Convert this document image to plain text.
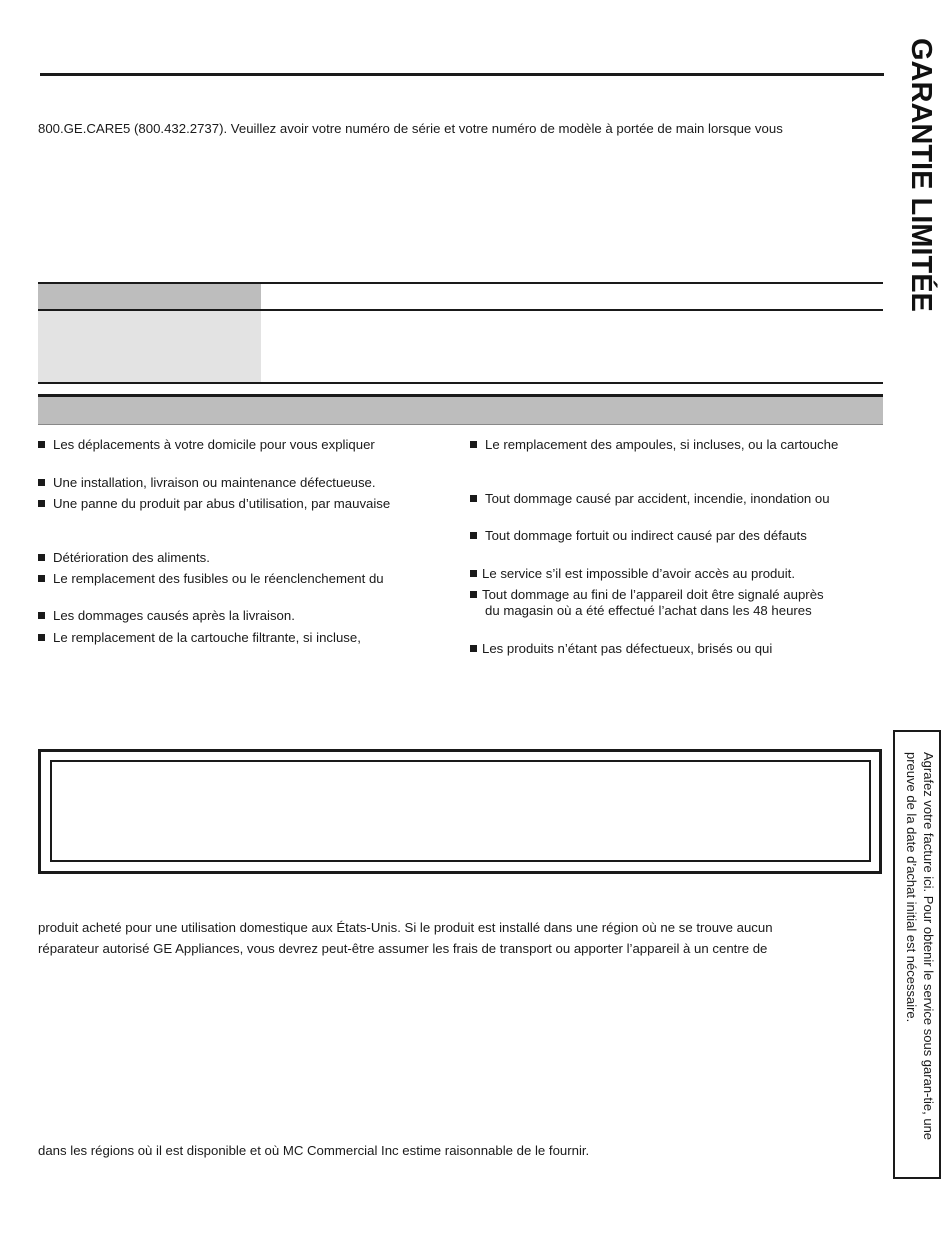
800.GE.CARE5 (800.432.2737). Veuillez avoir votre numéro de série et votre numéro de modèle à portée de main lorsque vous
Les déplacements à votre domicile pour vous expliquer
Une installation, livraison ou maintenance défectueuse.
Une panne du produit par abus d’utilisation, par mauvaise
Détérioration des aliments.
Le remplacement des fusibles ou le réenclenchement du
Les dommages causés après la livraison.
Le remplacement de la cartouche filtrante, si incluse,
Le remplacement des ampoules, si incluses, ou la cartouche
Tout dommage causé par accident, incendie, inondation ou
Tout dommage fortuit ou indirect causé par des défauts
Le service s’il est impossible d’avoir accès au produit.
Tout dommage au fini de l’appareil doit être signalé auprès
du magasin où a été effectué l’achat dans les 48 heures
Les produits n’étant pas défectueux, brisés ou qui
produit acheté pour une utilisation domestique aux États-Unis. Si le produit est installé dans une région où ne se trouve aucun
réparateur autorisé GE Appliances, vous devrez peut-être assumer les frais de transport ou apporter l’appareil à un centre de
dans les régions où il est disponible et où MC Commercial Inc estime raisonnable de le fournir.
GARANTIE LIMITÉE
Agrafez votre facture ici. Pour obtenir le service sous garan-tie, une preuve de la date d’achat initial est nécessaire.
